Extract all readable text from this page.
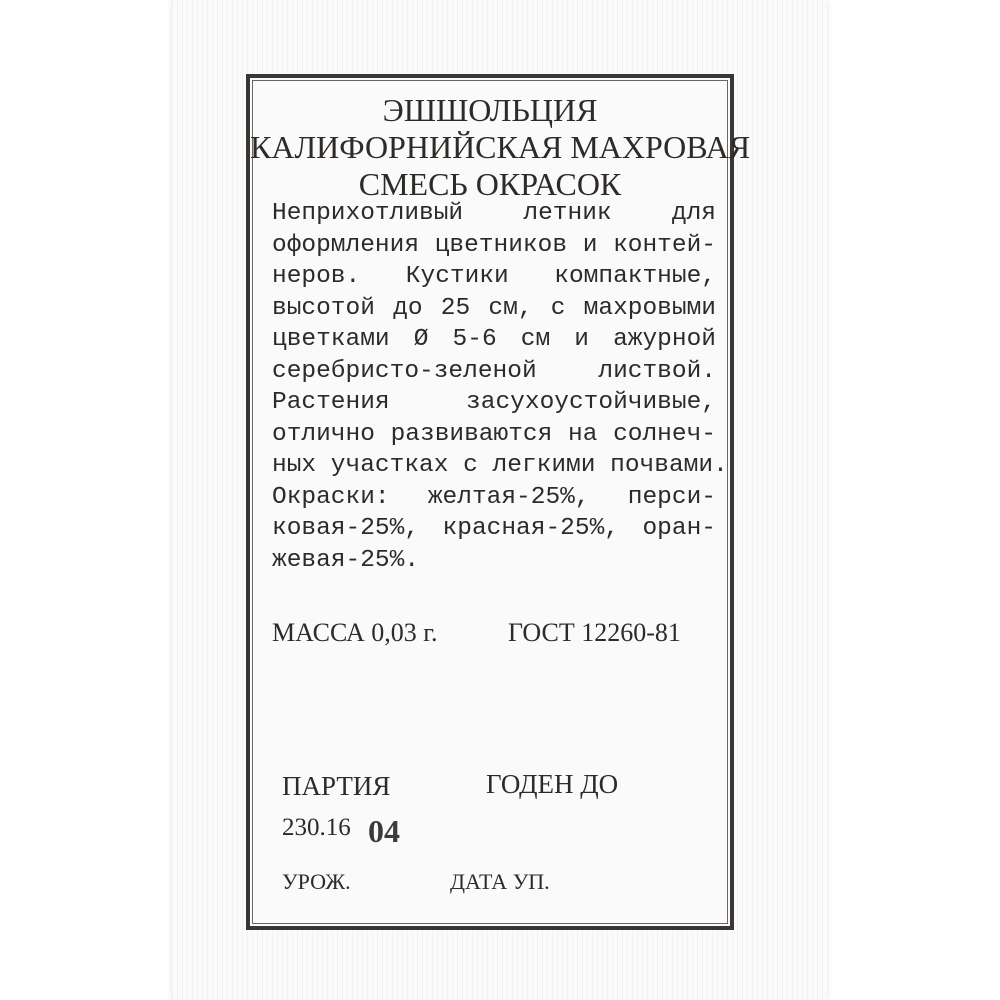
ЭШШОЛЬЦИЯ
КАЛИФОРНИЙСКАЯ МАХРОВАЯ
СМЕСЬ ОКРАСОК
Неприхотливый летник для
оформления цветников и контей-
неров. Кустики компактные,
высотой до 25 см, с махровыми
цветками Ø 5-6 см и ажурной
серебристо-зеленой листвой.
Растения засухоустойчивые,
отлично развиваются на солнеч-
ных участках с легкими почвами.
Окраски: желтая-25%, перси-
ковая-25%, красная-25%, оран-
жевая-25%.
МАССА 0,03 г.	ГОСТ 12260-81
ПАРТИЯ	ГОДЕН ДО
230.16 04
УРОЖ.	ДАТА УП.
